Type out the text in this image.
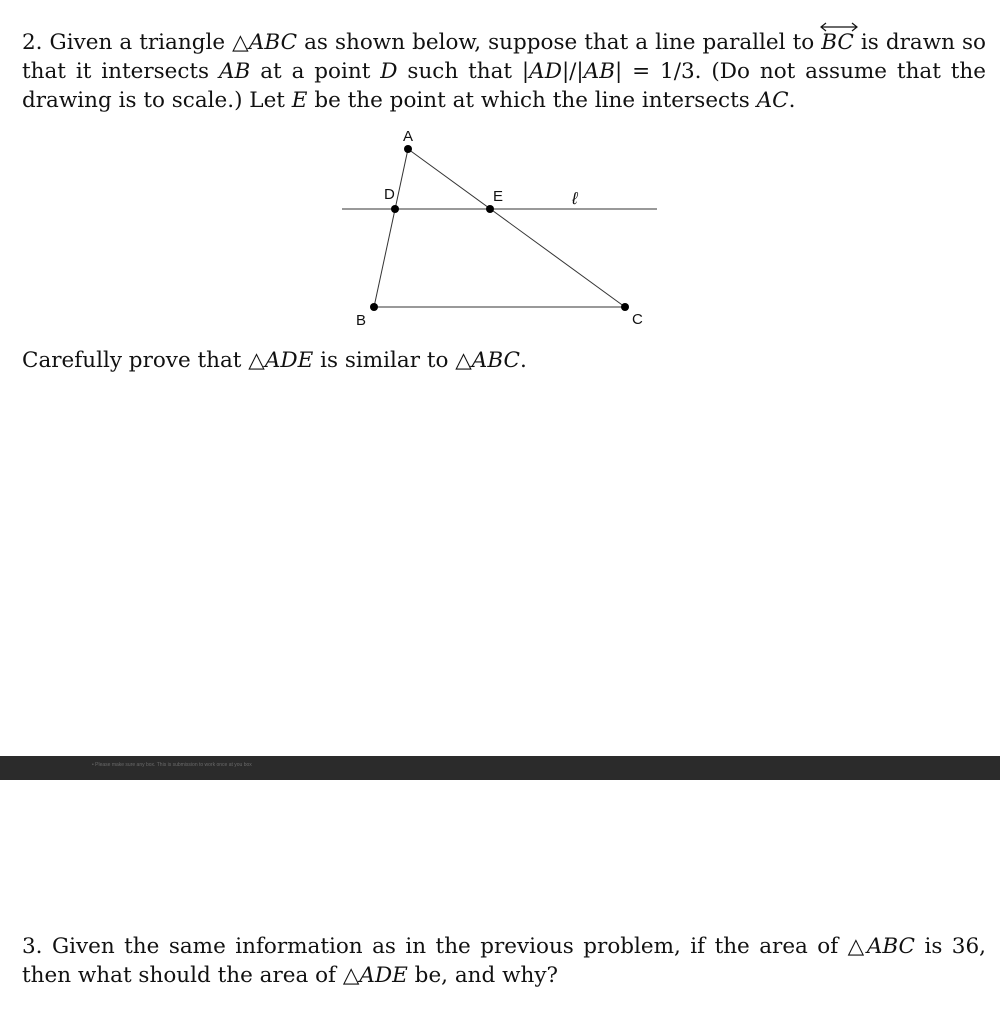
2. Given a triangle △ABC as shown below, suppose that a line parallel to
BC is drawn so that it intersects AB at a point D such that |AD|/|AB| = 1/3. (Do not assume that the drawing is to scale.) Let E be the point at which the line intersects AC.

A
D	E	ℓ
B	C
Carefully prove that △ADE is similar to △ABC.
• Please make sure any box. This is submission to work once at you box

3. Given the same information as in the previous problem, if the area of △ABC is 36, then what should the area of △ADE be, and why?
